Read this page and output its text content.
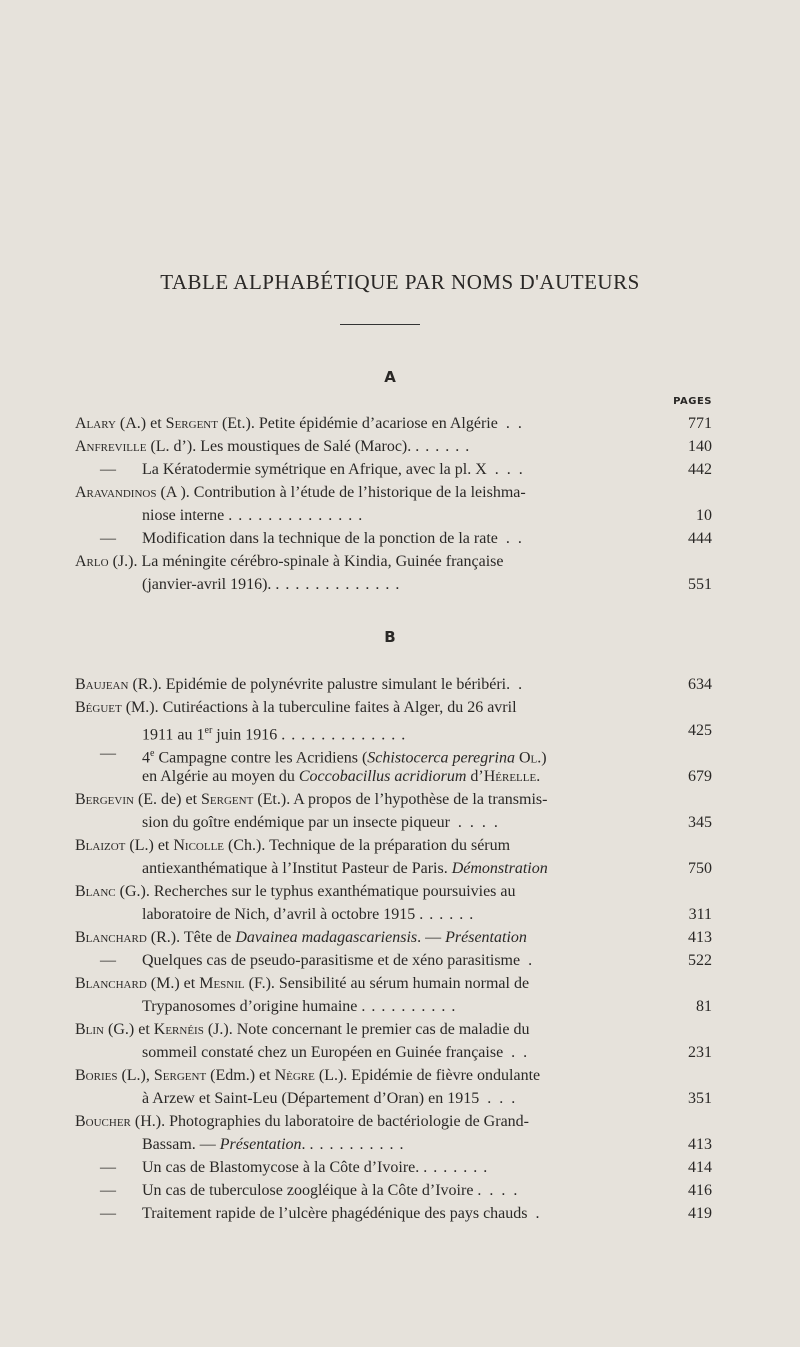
TABLE ALPHABÉTIQUE PAR NOMS D'AUTEURS
PAGES
A
B
Alary (A.) et Sergent (Et.). Petite épidémie d’acariose en Algérie  .  .	771
Anfreville (L. d’). Les moustiques de Salé (Maroc). ......	140
— La Kératodermie symétrique en Afrique, avec la pl. X  .  .  .	442
Aravandinos (A ). Contribution à l’étude de l’historique de la leishma-
niose interne ..............	10
— Modification dans la technique de la ponction de la rate  .  .	444
Arlo (J.). La méningite cérébro-spinale à Kindia, Guinée française
(janvier-avril 1916). .............	551
Baujean (R.). Epidémie de polynévrite palustre simulant le béribéri.  .	634
Béguet (M.). Cutiréactions à la tuberculine faites à Alger, du 26 avril
1911 au 1er juin 1916 .............	425
— 4e Campagne contre les Acridiens (Schistocerca peregrina Ol.)
en Algérie au moyen du Coccobacillus acridiorum d’Hérelle.	679
Bergevin (E. de) et Sergent (Et.). A propos de l’hypothèse de la transmis-
sion du goître endémique par un insecte piqueur  .  .  .  .	345
Blaizot (L.) et Nicolle (Ch.). Technique de la préparation du sérum
antiexanthématique à l’Institut Pasteur de Paris. Démonstration	750
Blanc (G.). Recherches sur le typhus exanthématique poursuivies au
laboratoire de Nich, d’avril à octobre 1915 ......	311
Blanchard (R.). Tête de Davainea madagascariensis. — Présentation	413
— Quelques cas de pseudo-parasitisme et de xéno parasitisme  .	522
Blanchard (M.) et Mesnil (F.). Sensibilité au sérum humain normal de
Trypanosomes d’origine humaine ..........	81
Blin (G.) et Kernéis (J.). Note concernant le premier cas de maladie du
sommeil constaté chez un Européen en Guinée française  .  .	231
Bories (L.), Sergent (Edm.) et Nègre (L.). Epidémie de fièvre ondulante
à Arzew et Saint-Leu (Département d’Oran) en 1915  .  .  .	351
Boucher (H.). Photographies du laboratoire de bactériologie de Grand-
Bassam. — Présentation. ..........	413
— Un cas de Blastomycose à la Côte d’Ivoire. .......	414
— Un cas de tuberculose zoogléique à la Côte d’Ivoire .  .  .  .	416
— Traitement rapide de l’ulcère phagédénique des pays chauds  .	419
